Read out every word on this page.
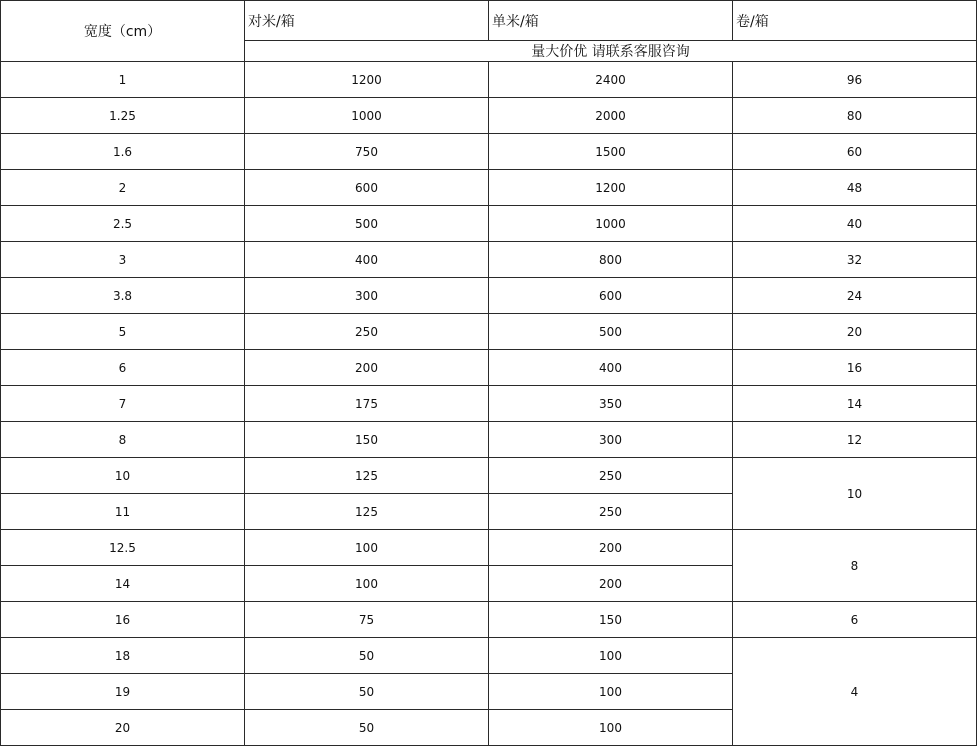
宽度（cm）	对米/箱	单米/箱	卷/箱
	量大价优 请联系客服咨询		
1	1200	2400	96
1.25	1000	2000	80
1.6	750	1500	60
2	600	1200	48
2.5	500	1000	40
3	400	800	32
3.8	300	600	24
5	250	500	20
6	200	400	16
7	175	350	14
8	150	300	12
10	125	250	10
11	125	250	
12.5	100	200	8
14	100	200	
16	75	150	6
18	50	100	4
19	50	100	
20	50	100	
